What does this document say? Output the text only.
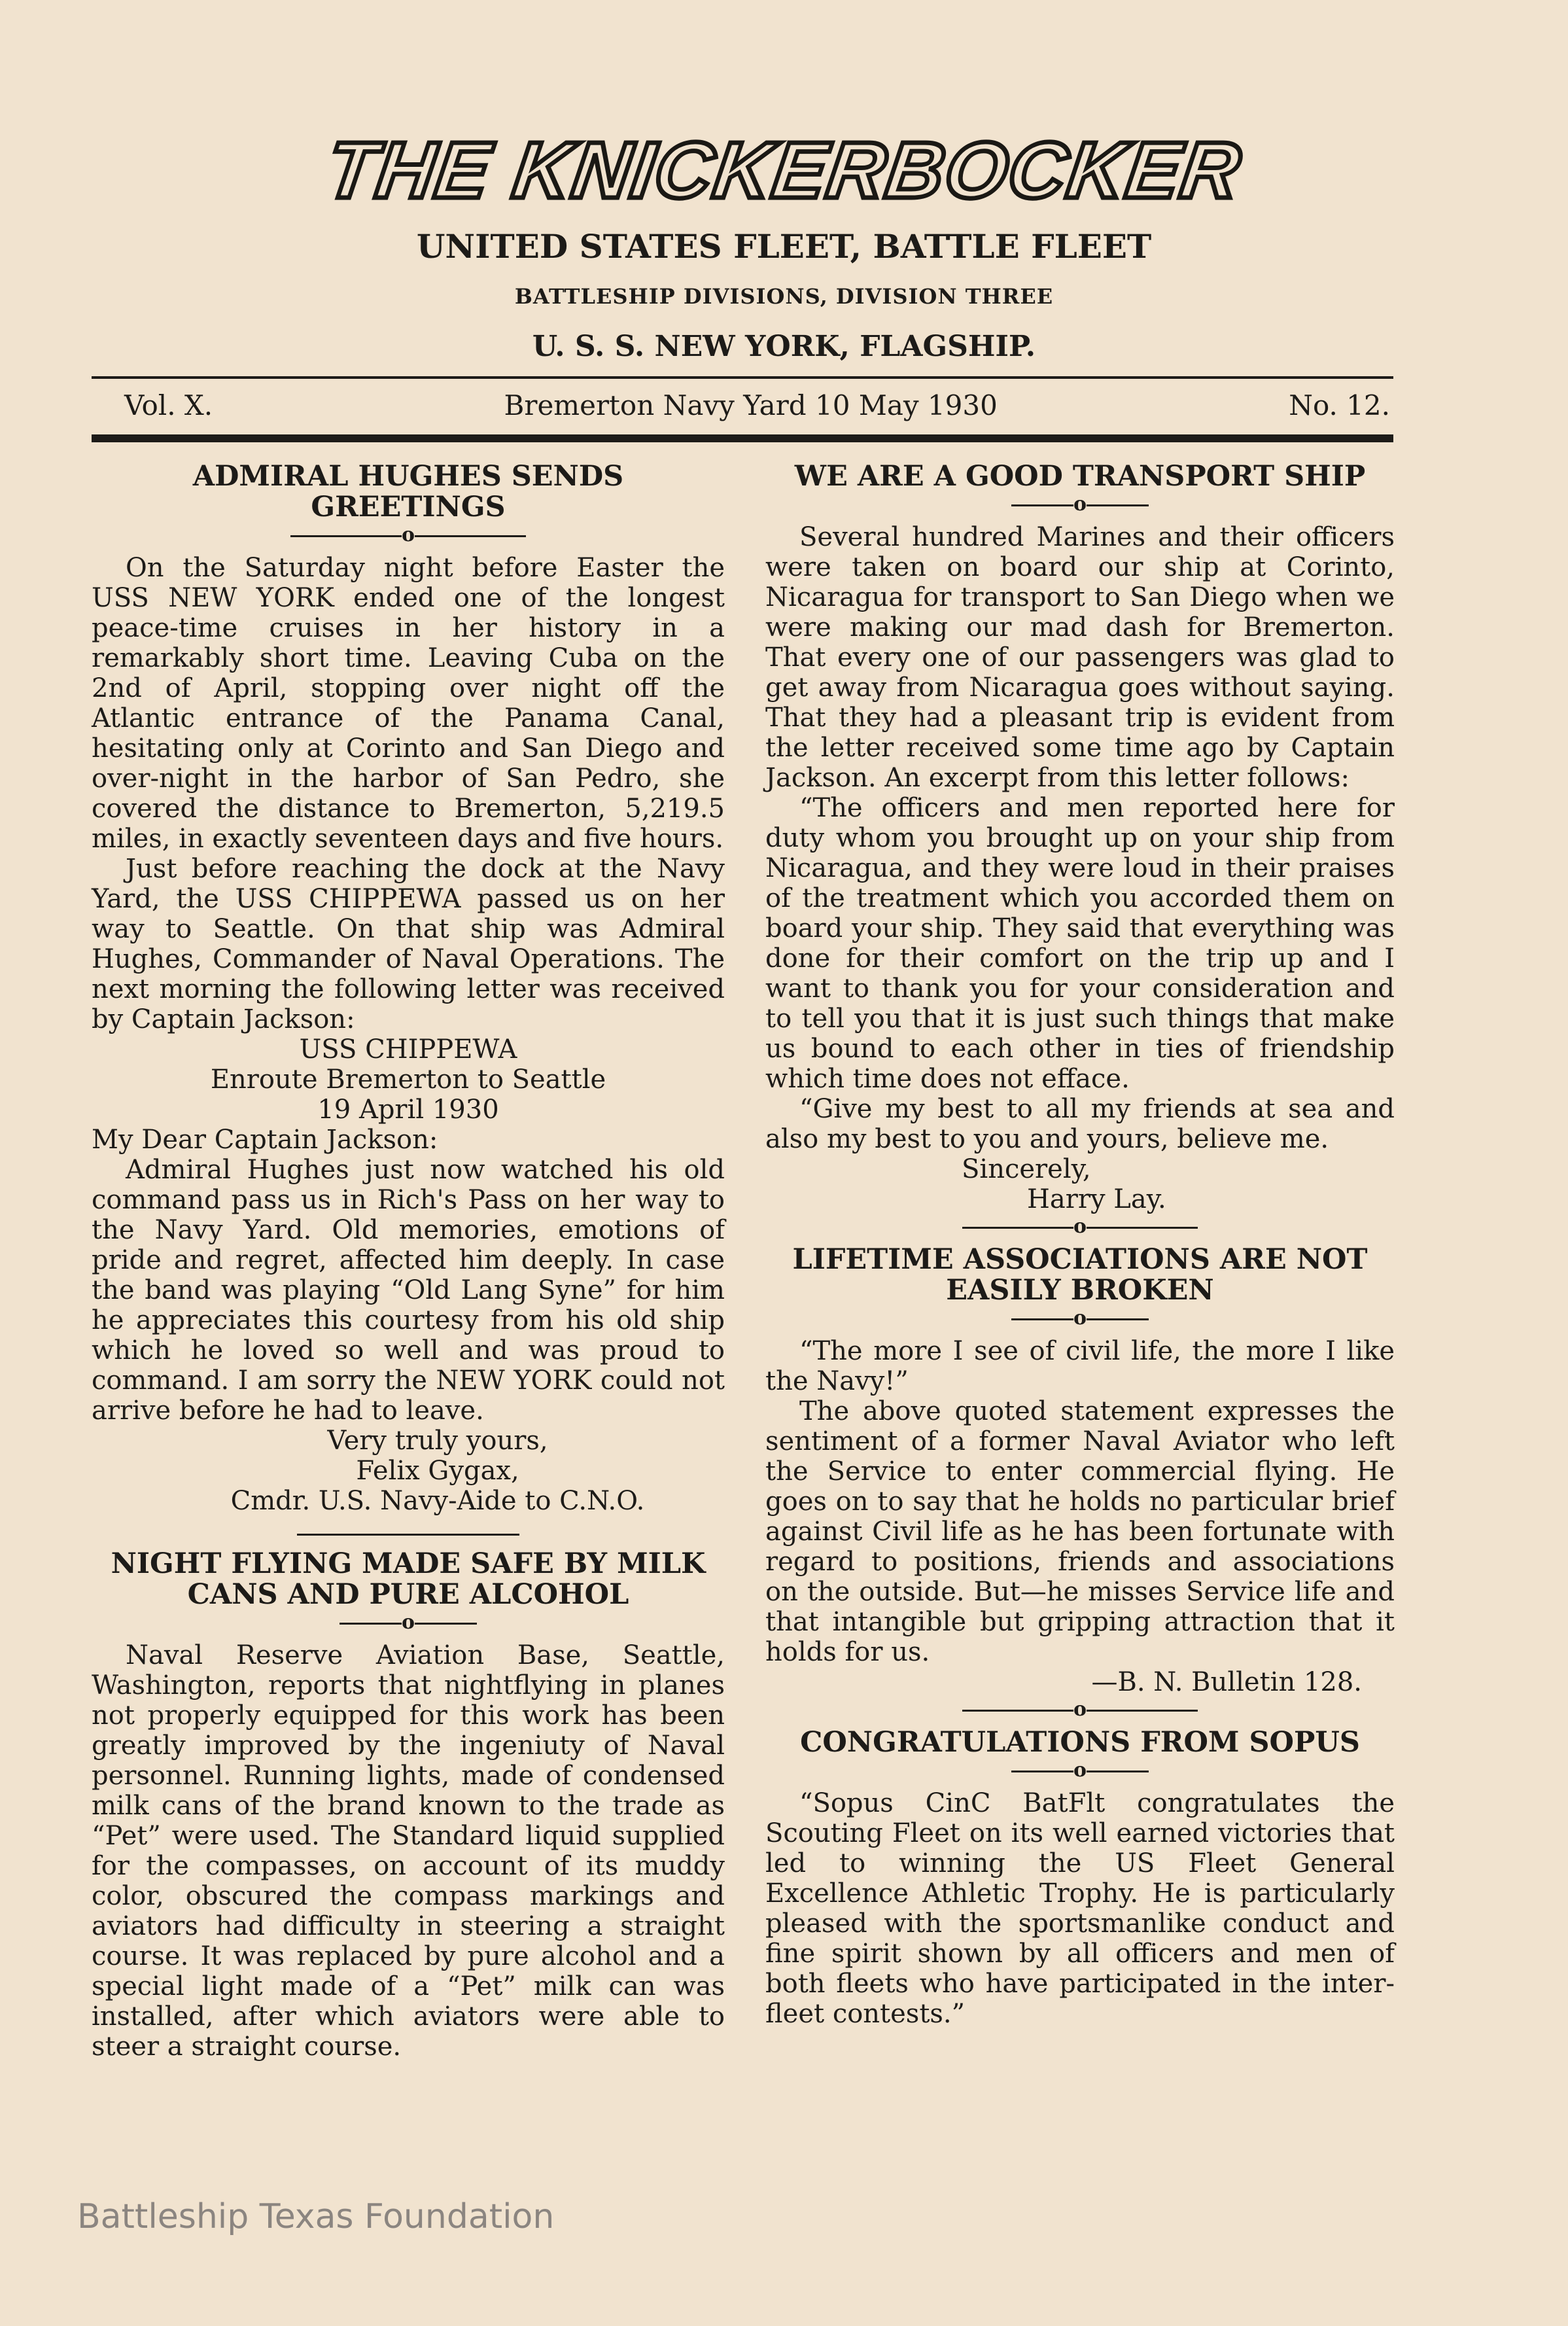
THE KNICKERBOCKER
UNITED STATES FLEET, BATTLE FLEET
BATTLESHIP DIVISIONS, DIVISION THREE
U. S. S. NEW YORK, FLAGSHIP.
Vol. X.	Bremerton Navy Yard 10 May 1930	No. 12.
ADMIRAL HUGHES SENDS GREETINGS
o

On the Saturday night before Easter the USS NEW YORK ended one of the longest peace-time cruises in her history in a remarkably short time. Leaving Cuba on the 2nd of April, stopping over night off the Atlantic entrance of the Panama Canal, hesitating only at Corinto and San Diego and over-night in the harbor of San Pedro, she covered the distance to Bremerton, 5,219.5 miles, in exactly seventeen days and five hours.

Just before reaching the dock at the Navy Yard, the USS CHIPPEWA passed us on her way to Seattle. On that ship was Admiral Hughes, Commander of Naval Operations. The next morning the following letter was received by Captain Jackson:

USS CHIPPEWA
Enroute Bremerton to Seattle
19 April 1930

My Dear Captain Jackson:

Admiral Hughes just now watched his old command pass us in Rich's Pass on her way to the Navy Yard. Old memories, emotions of pride and regret, affected him deeply. In case the band was playing “Old Lang Syne” for him he appreciates this courtesy from his old ship which he loved so well and was proud to command. I am sorry the NEW YORK could not arrive before he had to leave.

Very truly yours,
Felix Gygax,
Cmdr. U.S. Navy-Aide to C.N.O.
NIGHT FLYING MADE SAFE BY MILK CANS AND PURE ALCOHOL
o

Naval Reserve Aviation Base, Seattle, Washington, reports that nightflying in planes not properly equipped for this work has been greatly improved by the ingeniuty of Naval personnel. Running lights, made of condensed milk cans of the brand known to the trade as “Pet” were used. The Standard liquid supplied for the compasses, on account of its muddy color, obscured the compass markings and aviators had difficulty in steering a straight course. It was replaced by pure alcohol and a special light made of a “Pet” milk can was installed, after which aviators were able to steer a straight course.

WE ARE A GOOD TRANSPORT SHIP
o

Several hundred Marines and their officers were taken on board our ship at Corinto, Nicaragua for transport to San Diego when we were making our mad dash for Bremerton. That every one of our passengers was glad to get away from Nicaragua goes without saying. That they had a pleasant trip is evident from the letter received some time ago by Captain Jackson. An excerpt from this letter follows:

“The officers and men reported here for duty whom you brought up on your ship from Nicaragua, and they were loud in their praises of the treatment which you accorded them on board your ship. They said that everything was done for their comfort on the trip up and I want to thank you for your consideration and to tell you that it is just such things that make us bound to each other in ties of friendship which time does not efface.

“Give my best to all my friends at sea and also my best to you and yours, believe me.

Sincerely,
Harry Lay.
o
LIFETIME ASSOCIATIONS ARE NOT EASILY BROKEN
o

“The more I see of civil life, the more I like the Navy!”

The above quoted statement expresses the sentiment of a former Naval Aviator who left the Service to enter commercial flying. He goes on to say that he holds no particular brief against Civil life as he has been fortunate with regard to positions, friends and associations on the outside. But—he misses Service life and that intangible but gripping attraction that it holds for us.

—B. N. Bulletin 128.
o
CONGRATULATIONS FROM SOPUS
o

“Sopus CinC BatFlt congratulates the Scouting Fleet on its well earned victories that led to winning the US Fleet General Excellence Athletic Trophy. He is particularly pleased with the sportsmanlike conduct and fine spirit shown by all officers and men of both fleets who have participated in the inter-fleet contests.”

Battleship Texas Foundation
